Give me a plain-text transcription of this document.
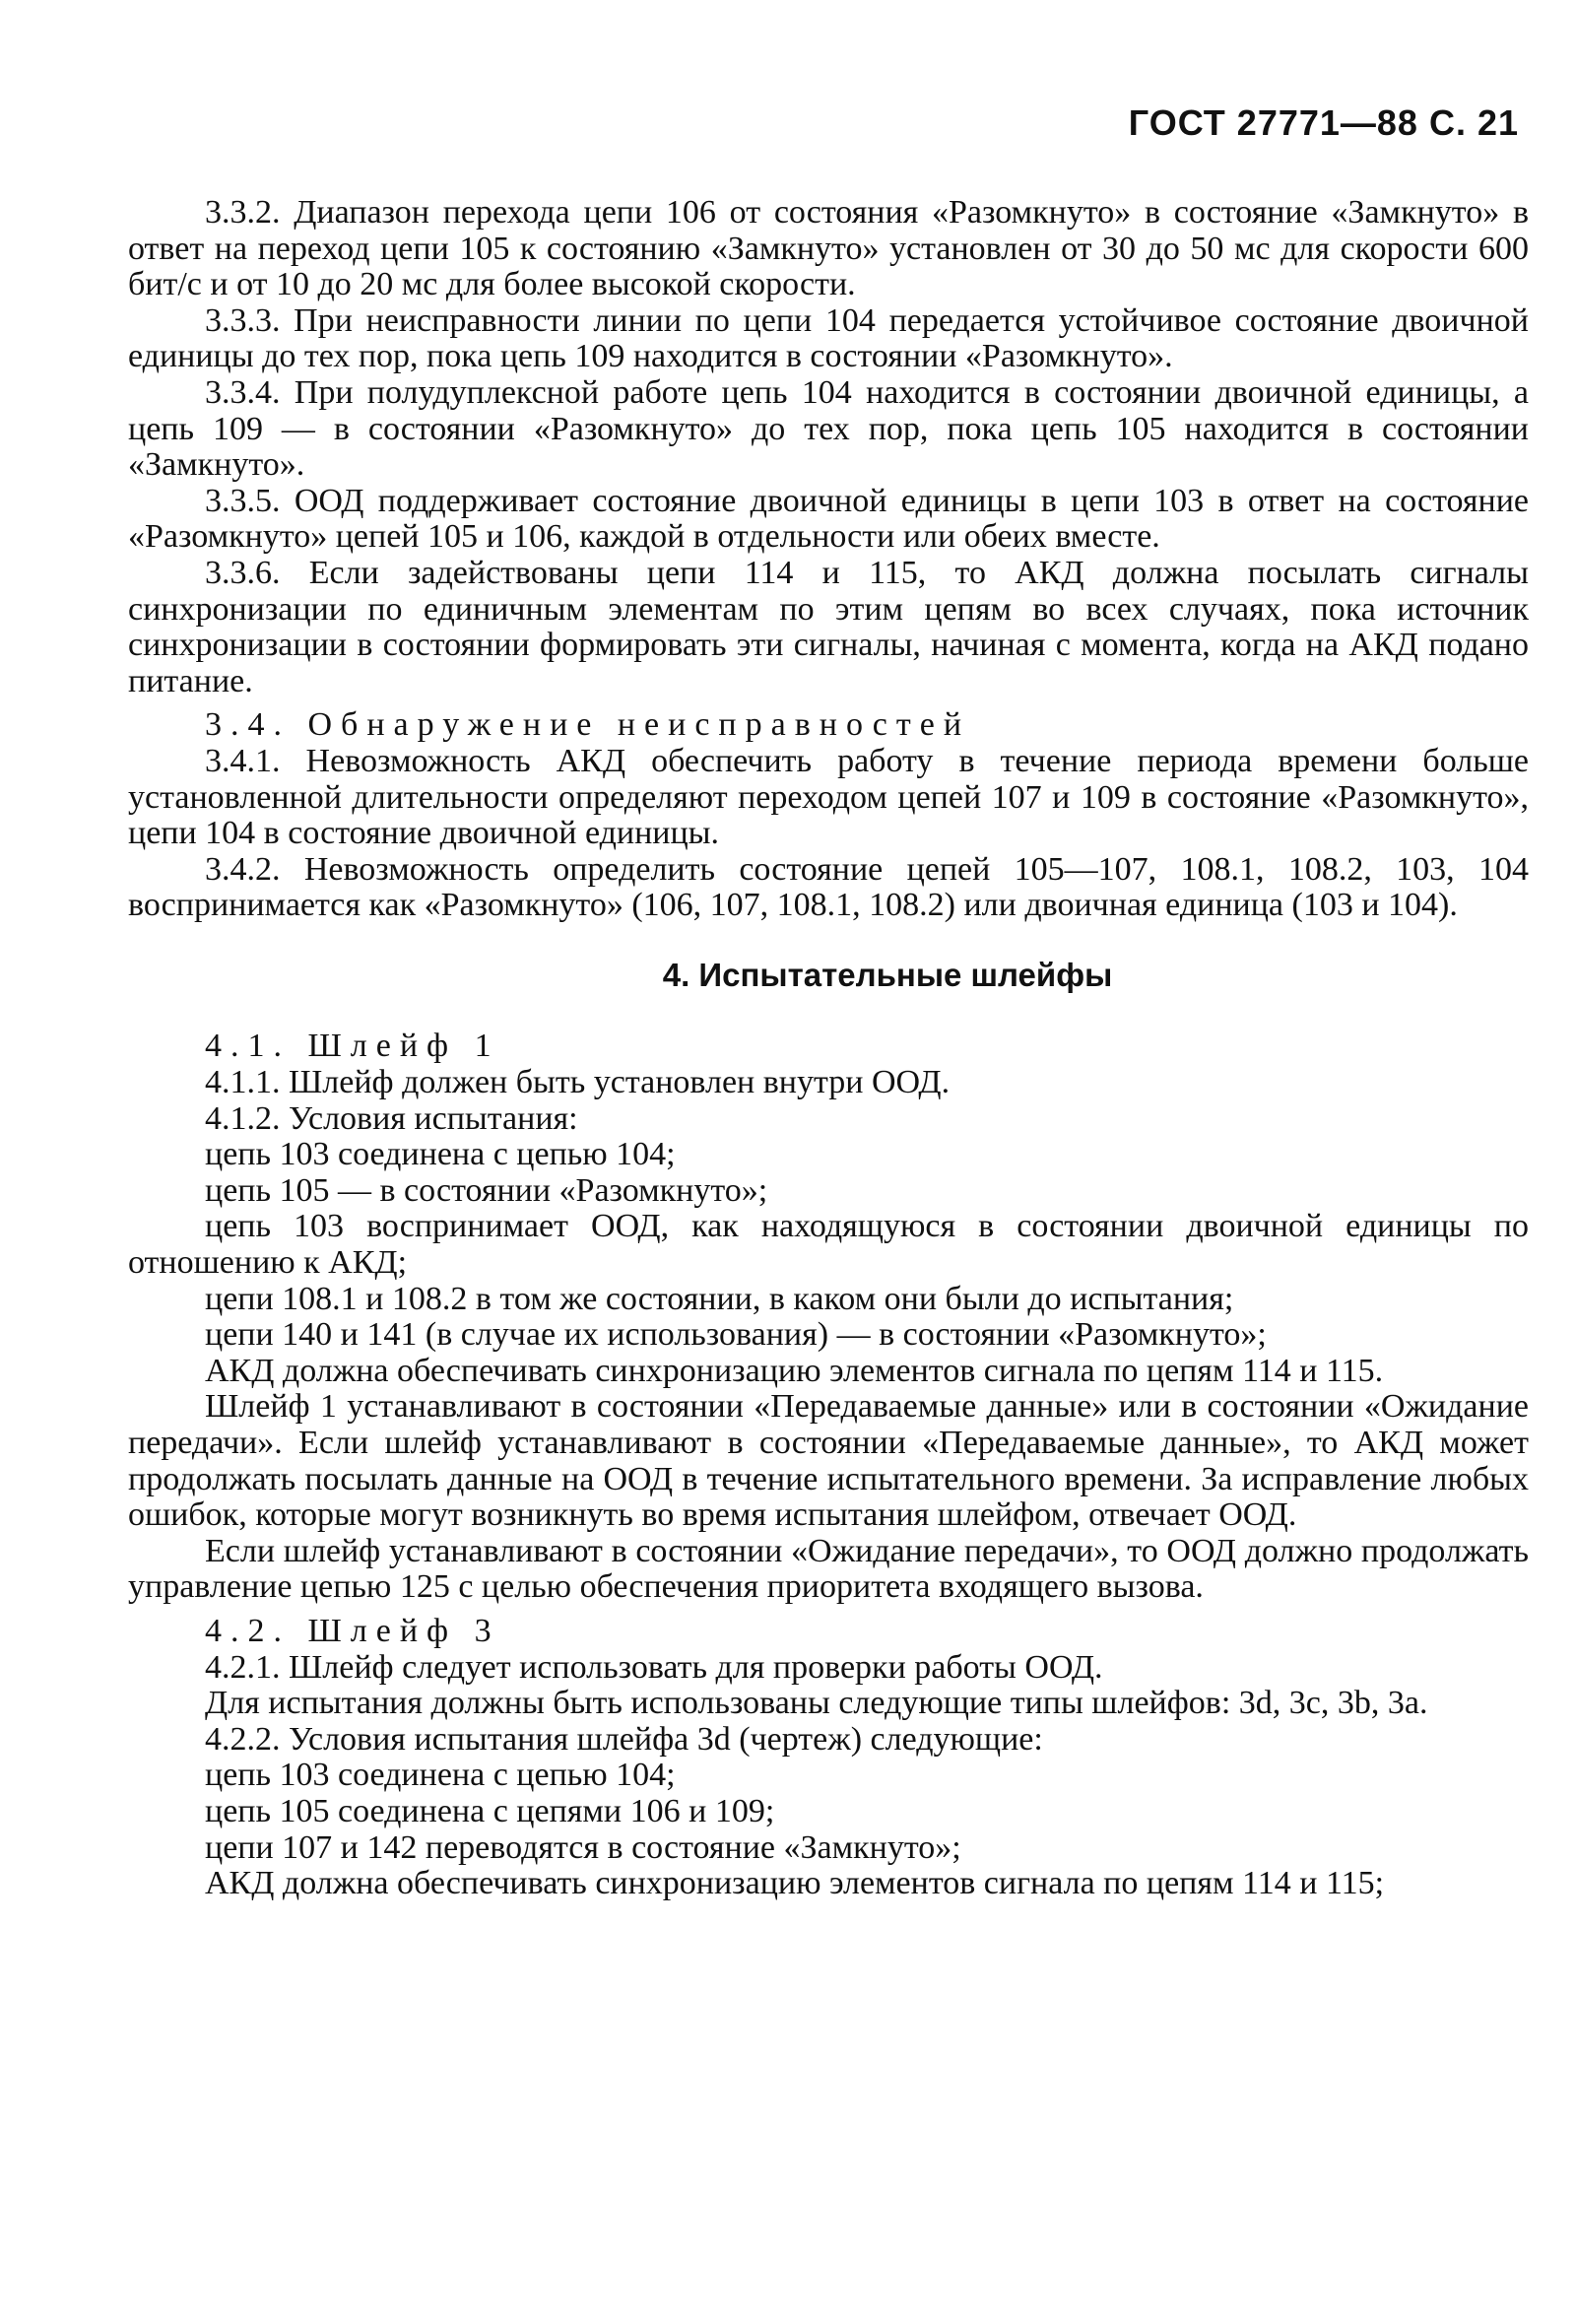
ГОСТ 27771—88 С. 21

3.3.2. Диапазон перехода цепи 106 от состояния «Разомкнуто» в состояние «Замкнуто» в ответ на переход цепи 105 к состоянию «Замкнуто» установлен от 30 до 50 мс для скорости 600 бит/с и от 10 до 20 мс для более высокой скорости.

3.3.3. При неисправности линии по цепи 104 передается устойчивое состояние двоичной единицы до тех пор, пока цепь 109 находится в состоянии «Разомкнуто».

3.3.4. При полудуплексной работе цепь 104 находится в состоянии двоичной единицы, а цепь 109 — в состоянии «Разомкнуто» до тех пор, пока цепь 105 находится в состоянии «Замкнуто».

3.3.5. ООД поддерживает состояние двоичной единицы в цепи 103 в ответ на состояние «Разомкнуто» цепей 105 и 106, каждой в отдельности или обеих вместе.

3.3.6. Если задействованы цепи 114 и 115, то АКД должна посылать сигналы синхронизации по единичным элементам по этим цепям во всех случаях, пока источник синхронизации в состоянии формировать эти сигналы, начиная с момента, когда на АКД подано питание.

3.4. Обнаружение неисправностей

3.4.1. Невозможность АКД обеспечить работу в течение периода времени больше установленной длительности определяют переходом цепей 107 и 109 в состояние «Разомкнуто», цепи 104 в состояние двоичной единицы.

3.4.2. Невозможность определить состояние цепей 105—107, 108.1, 108.2, 103, 104 воспринимается как «Разомкнуто» (106, 107, 108.1, 108.2) или двоичная единица (103 и 104).

4. Испытательные шлейфы

4.1. Шлейф 1

4.1.1. Шлейф должен быть установлен внутри ООД.

4.1.2. Условия испытания:

цепь 103 соединена с цепью 104;

цепь 105 — в состоянии «Разомкнуто»;

цепь 103 воспринимает ООД, как находящуюся в состоянии двоичной единицы по отношению к АКД;

цепи 108.1 и 108.2 в том же состоянии, в каком они были до испытания;

цепи 140 и 141 (в случае их использования) — в состоянии «Разомкнуто»;

АКД должна обеспечивать синхронизацию элементов сигнала по цепям 114 и 115.

Шлейф 1 устанавливают в состоянии «Передаваемые данные» или в состоянии «Ожидание передачи». Если шлейф устанавливают в состоянии «Передаваемые данные», то АКД может продолжать посылать данные на ООД в течение испытательного времени. За исправление любых ошибок, которые могут возникнуть во время испытания шлейфом, отвечает ООД.

Если шлейф устанавливают в состоянии «Ожидание передачи», то ООД должно продолжать управление цепью 125 с целью обеспечения приоритета входящего вызова.

4.2. Шлейф 3

4.2.1. Шлейф следует использовать для проверки работы ООД.

Для испытания должны быть использованы следующие типы шлейфов: 3d, 3c, 3b, 3a.

4.2.2. Условия испытания шлейфа 3d (чертеж) следующие:

цепь 103 соединена с цепью 104;

цепь 105 соединена с цепями 106 и 109;

цепи 107 и 142 переводятся в состояние «Замкнуто»;

АКД должна обеспечивать синхронизацию элементов сигнала по цепям 114 и 115;
